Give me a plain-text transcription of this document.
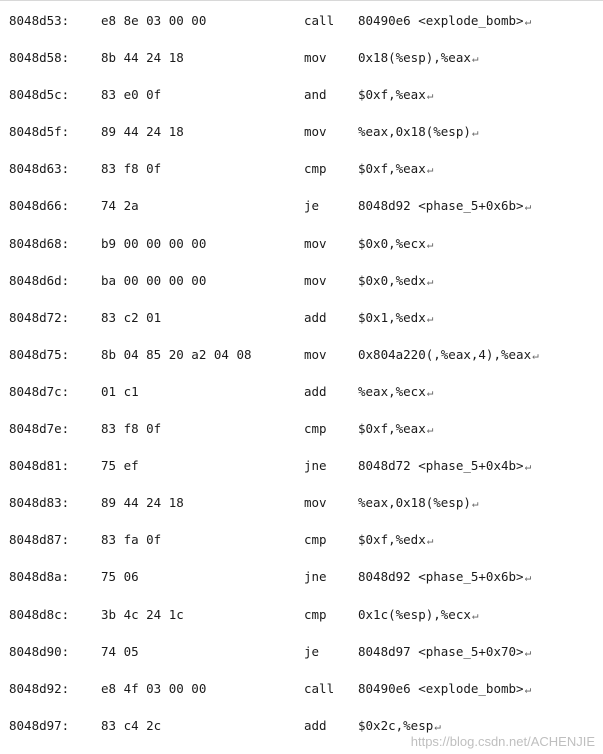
8048d53:	e8 8e 03 00 00	call 80490e6 <explode_bomb>↵
8048d58:	8b 44 24 18	mov	0x18(%esp),%eax↵
8048d5c:	83 e0 0f	and	$0xf,%eax↵
8048d5f:	89 44 24 18	mov	%eax,0x18(%esp)↵
8048d63:	83 f8 0f	cmp	$0xf,%eax↵
8048d66:	74 2a	je	8048d92 <phase_5+0x6b>↵
8048d68:	b9 00 00 00 00	mov	$0x0,%ecx↵
8048d6d:	ba 00 00 00 00	mov	$0x0,%edx↵
8048d72:	83 c2 01	add	$0x1,%edx↵
8048d75:	8b 04 85 20 a2 04 08	mov	0x804a220(,%eax,4),%eax↵
8048d7c:	01 c1	add	%eax,%ecx↵
8048d7e:	83 f8 0f	cmp	$0xf,%eax↵
8048d81:	75 ef	jne	8048d72 <phase_5+0x4b>↵
8048d83:	89 44 24 18	mov	%eax,0x18(%esp)↵
8048d87:	83 fa 0f	cmp	$0xf,%edx↵
8048d8a:	75 06	jne	8048d92 <phase_5+0x6b>↵
8048d8c:	3b 4c 24 1c	cmp	0x1c(%esp),%ecx↵
8048d90:	74 05	je	8048d97 <phase_5+0x70>↵
8048d92:	e8 4f 03 00 00	call 80490e6 <explode_bomb>↵
8048d97:	83 c4 2c	add	$0x2c,%esp↵
https://blog.csdn.net/ACHENJIE
